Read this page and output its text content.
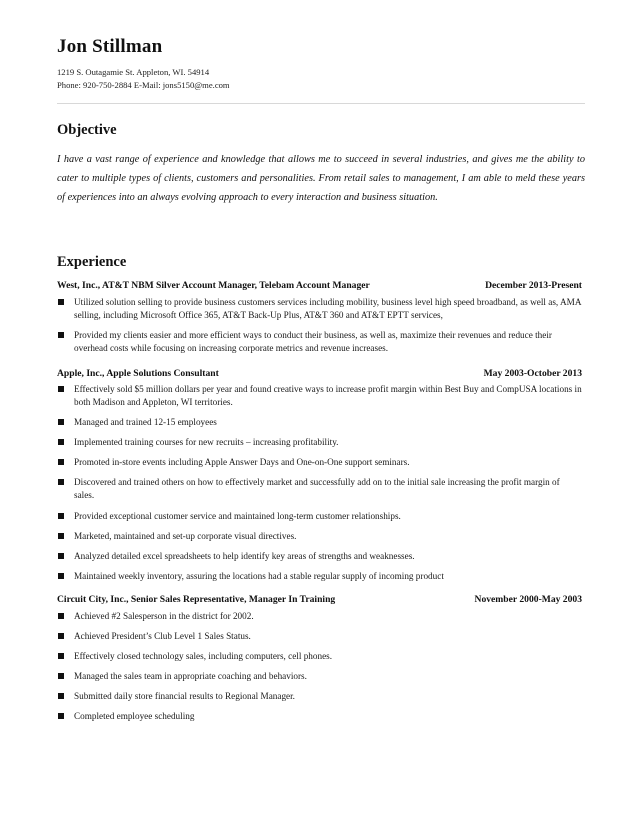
Jon Stillman
1219 S. Outagamie St. Appleton, WI. 54914
Phone: 920-750-2884 E-Mail: jons5150@me.com
Objective
I have a vast range of experience and knowledge that allows me to succeed in several industries, and gives me the ability to cater to multiple types of clients, customers and personalities. From retail sales to management, I am able to meld these years of experiences into an always evolving approach to every interaction and business situation.
Experience
West, Inc., AT&T NBM Silver Account Manager, Telebam Account Manager	December 2013-Present
Utilized solution selling to provide business customers services including mobility, business level high speed broadband, as well as, AMA selling, including Microsoft Office 365, AT&T Back-Up Plus, AT&T 360 and AT&T EPTT services,
Provided my clients easier and more efficient ways to conduct their business, as well as, maximize their revenues and reduce their overhead costs while focusing on increasing corporate metrics and revenue increases.
Apple, Inc., Apple Solutions Consultant	May 2003-October 2013
Effectively sold $5 million dollars per year and found creative ways to increase profit margin within Best Buy and CompUSA locations in both Madison and Appleton, WI territories.
Managed and trained 12-15 employees
Implemented training courses for new recruits – increasing profitability.
Promoted in-store events including Apple Answer Days and One-on-One support seminars.
Discovered and trained others on how to effectively market and successfully add on to the initial sale increasing the profit margin of sales.
Provided exceptional customer service and maintained long-term customer relationships.
Marketed, maintained and set-up corporate visual directives.
Analyzed detailed excel spreadsheets to help identify key areas of strengths and weaknesses.
Maintained weekly inventory, assuring the locations had a stable regular supply of incoming product
Circuit City, Inc., Senior Sales Representative, Manager In Training	November 2000-May 2003
Achieved #2 Salesperson in the district for 2002.
Achieved President’s Club Level 1 Sales Status.
Effectively closed technology sales, including computers, cell phones.
Managed the sales team in appropriate coaching and behaviors.
Submitted daily store financial results to Regional Manager.
Completed employee scheduling
